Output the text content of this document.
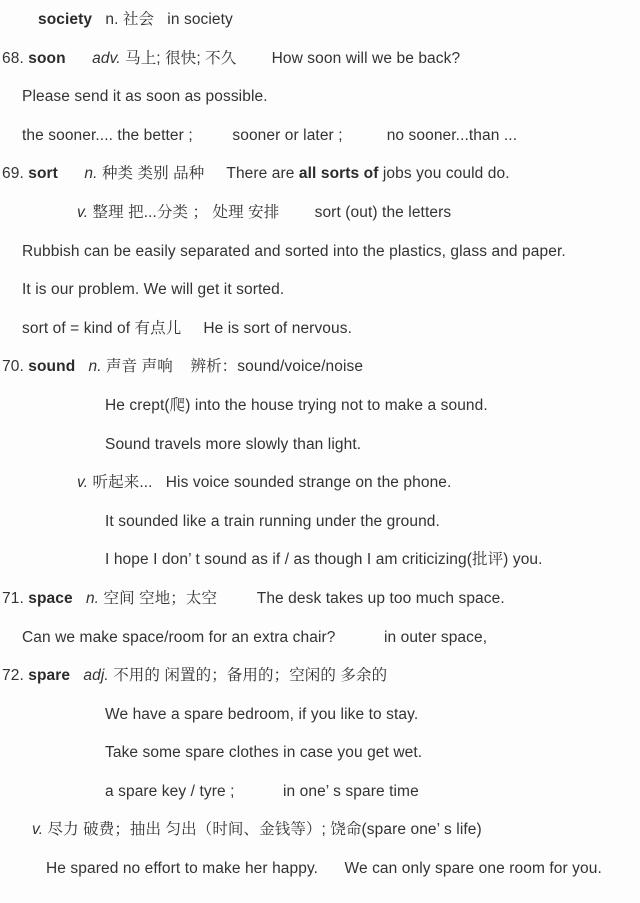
society   n. 社会   in society
68. soon adv. 马上; 很快; 不久        How soon will we be back?
Please send it as soon as possible.
the sooner.... the better ;         sooner or later ;          no sooner...than ...
69. sort n. 种类 类别 品种     There are all sorts of jobs you could do.
v. 整理 把...分类 ； 处理 安排        sort (out) the letters
Rubbish can be easily separated and sorted into the plastics, glass and paper.
It is our problem. We will get it sorted.
sort of = kind of 有点儿     He is sort of nervous.
70. sound n. 声音 声响    辨析：sound/voice/noise
He crept(爬) into the house trying not to make a sound.
Sound travels more slowly than light.
v. 听起来...   His voice sounded strange on the phone.
It sounded like a train running under the ground.
I hope I don’ t sound as if / as though I am criticizing(批评) you.
71. space n. 空间 空地；太空         The desk takes up too much space.
Can we make space/room for an extra chair?           in outer space,
72. spare adj. 不用的 闲置的；备用的；空闲的 多余的
We have a spare bedroom, if you like to stay.
Take some spare clothes in case you get wet.
a spare key / tyre ;           in one’ s spare time
v. 尽力 破费；抽出 匀出（时间、金钱等）; 饶命(spare one’ s life)
He spared no effort to make her happy.      We can only spare one room for you.
